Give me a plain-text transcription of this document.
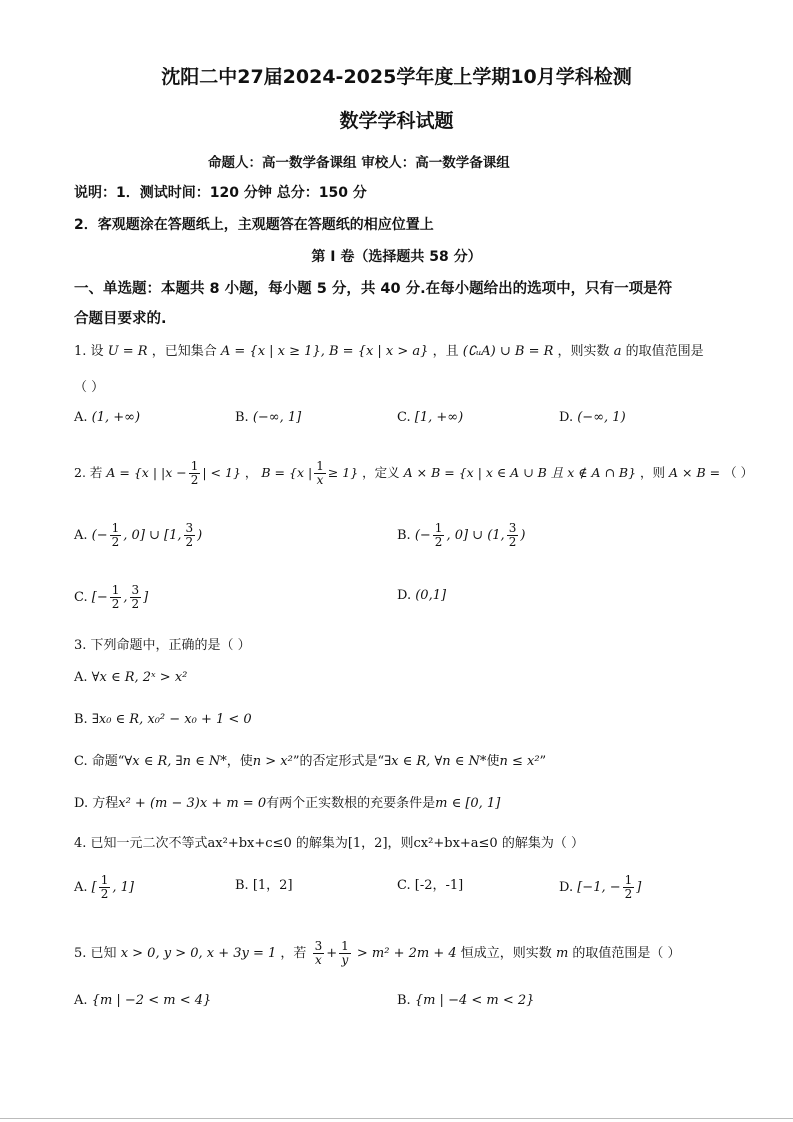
沈阳二中27届2024-2025学年度上学期10月学科检测
数学学科试题
命题人：高一数学备课组 审校人：高一数学备课组
说明：1．测试时间：120 分钟 总分：150 分
2．客观题涂在答题纸上，主观题答在答题纸的相应位置上
第 I 卷（选择题共 58 分）
一、单选题：本题共 8 小题，每小题 5 分，共 40 分.在每小题给出的选项中，只有一项是符
合题目要求的.
1. 设 U = R ，已知集合 A = {x | x ≥ 1}, B = {x | x > a} ，且 (∁ᵤA) ∪ B = R ，则实数 a 的取值范围是
（ ）
A. (1, +∞)	B. (−∞, 1]	C. [1, +∞)	D. (−∞, 1)
2. 若 A = {x | $|x - \frac{1}{2}$ | < 1} ， B = {x | $\frac{1}{x} \ge 1$} ，定义 A × B = {x | x ∈ A ∪ B 且 x ∉ A ∩ B} ，则 A × B = （ ）
A. (− $\frac{1}{2}$ , 0] ∪ [1, $\frac{3}{2}$ )	B. (− $\frac{1}{2}$ , 0] ∪ (1, $\frac{3}{2}$ )
C. [− $\frac{1}{2}$ , $\frac{3}{2}$ ]	D. (0,1]
3. 下列命题中，正确的是（ ）
A. ∀x ∈ R, 2ˣ > x²
B. ∃x₀ ∈ R, x₀² − x₀ + 1 < 0
C. 命题“∀x ∈ R, ∃n ∈ N*，使n > x²”的否定形式是“∃x ∈ R, ∀n ∈ N*使n ≤ x²”
D. 方程x² + (m − 3)x + m = 0有两个正实数根的充要条件是m ∈ [0, 1]
4. 已知一元二次不等式ax²+bx+c≤0 的解集为[1，2]，则cx²+bx+a≤0 的解集为（ ）
A. [ $\frac{1}{2}$ , 1]	B. [1，2]	C. [-2，-1]	D. [−1, − $\frac{1}{2}$ ]
5. 已知 x > 0, y > 0, x + 3y = 1 ，若 $\frac{3}{x} + \frac{1}{y} > m^2 + 2m + 4$ 恒成立，则实数 m 的取值范围是（ ）
A. {m | −2 < m < 4}	B. {m | −4 < m < 2}
